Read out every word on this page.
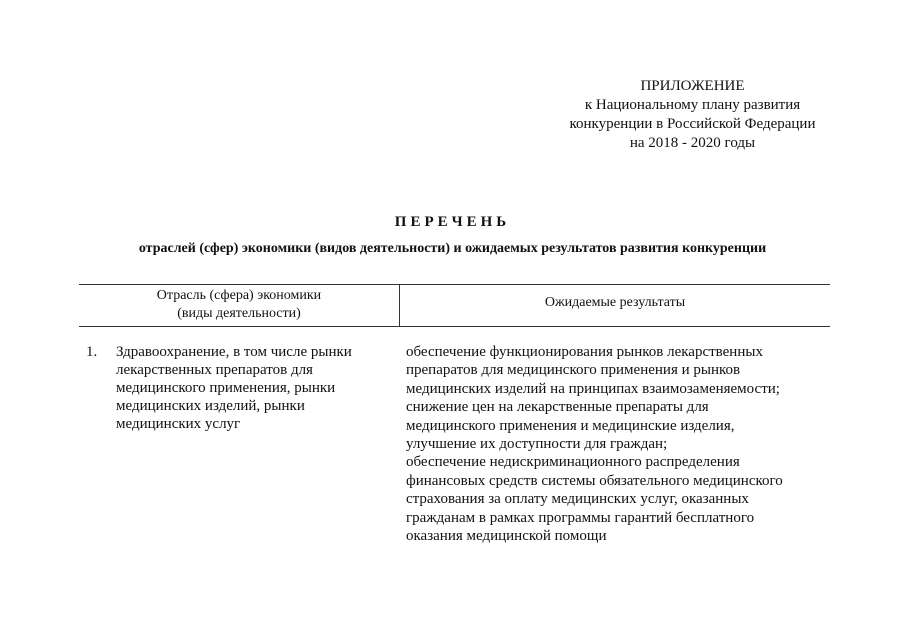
ПРИЛОЖЕНИЕ
к Национальному плану развития
конкуренции в Российской Федерации
на 2018 - 2020 годы
ПЕРЕЧЕНЬ
отраслей (сфер) экономики (видов деятельности) и ожидаемых результатов развития конкуренции
Отрасль (сфера) экономики
(виды деятельности)
Ожидаемые результаты
1. Здравоохранение, в том числе рынки
лекарственных препаратов для
медицинского применения, рынки
медицинских изделий, рынки
медицинских услуг
обеспечение функционирования рынков лекарственных
препаратов для медицинского применения и рынков
медицинских изделий на принципах взаимозаменяемости;
снижение цен на лекарственные препараты для
медицинского применения и медицинские изделия,
улучшение их доступности для граждан;
обеспечение недискриминационного распределения
финансовых средств системы обязательного медицинского
страхования за оплату медицинских услуг, оказанных
гражданам в рамках программы гарантий бесплатного
оказания медицинской помощи
